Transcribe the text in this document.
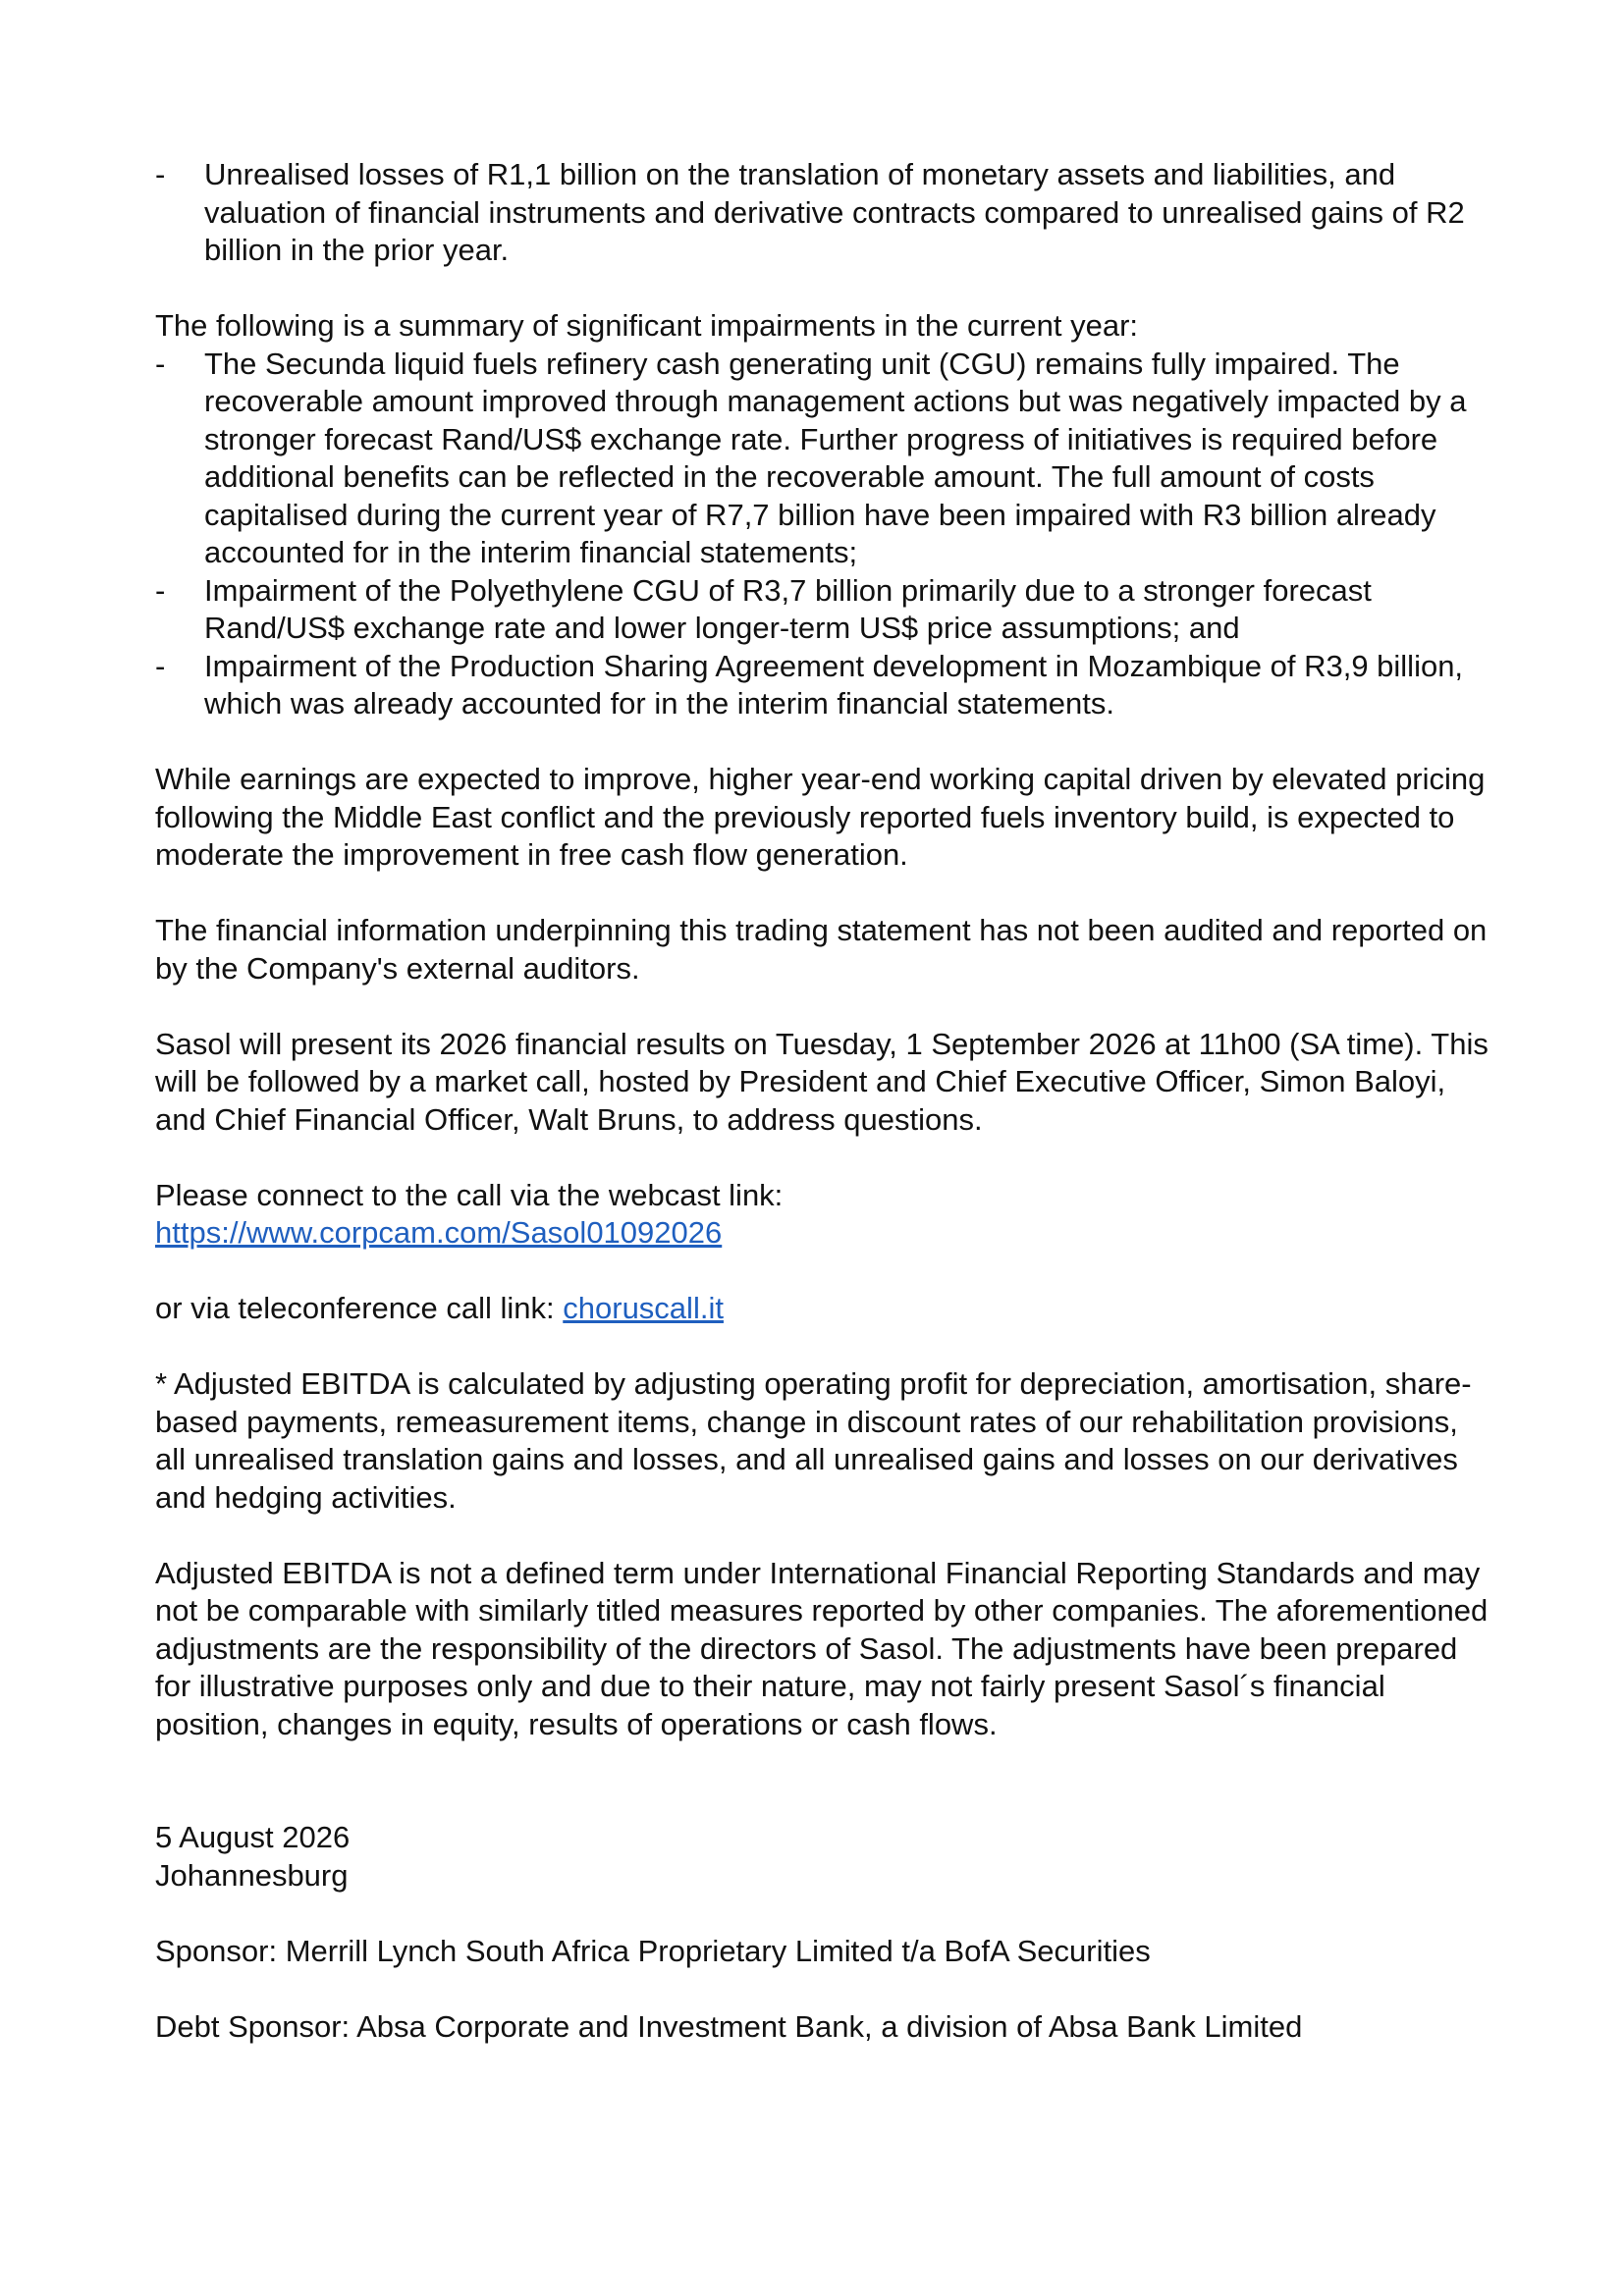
- Unrealised losses of R1,1 billion on the translation of monetary assets and liabilities, and valuation of financial instruments and derivative contracts compared to unrealised gains of R2 billion in the prior year.

The following is a summary of significant impairments in the current year:

- The Secunda liquid fuels refinery cash generating unit (CGU) remains fully impaired. The recoverable amount improved through management actions but was negatively impacted by a stronger forecast Rand/US$ exchange rate. Further progress of initiatives is required before additional benefits can be reflected in the recoverable amount. The full amount of costs capitalised during the current year of R7,7 billion have been impaired with R3 billion already accounted for in the interim financial statements;
- Impairment of the Polyethylene CGU of R3,7 billion primarily due to a stronger forecast Rand/US$ exchange rate and lower longer-term US$ price assumptions; and
- Impairment of the Production Sharing Agreement development in Mozambique of R3,9 billion, which was already accounted for in the interim financial statements.

While earnings are expected to improve, higher year-end working capital driven by elevated pricing following the Middle East conflict and the previously reported fuels inventory build, is expected to moderate the improvement in free cash flow generation.

The financial information underpinning this trading statement has not been audited and reported on by the Company's external auditors.

Sasol will present its 2026 financial results on Tuesday, 1 September 2026 at 11h00 (SA time). This will be followed by a market call, hosted by President and Chief Executive Officer, Simon Baloyi, and Chief Financial Officer, Walt Bruns, to address questions.

Please connect to the call via the webcast link:

https://www.corpcam.com/Sasol01092026

or via teleconference call link: choruscall.it

* Adjusted EBITDA is calculated by adjusting operating profit for depreciation, amortisation, share-based payments, remeasurement items, change in discount rates of our rehabilitation provisions, all unrealised translation gains and losses, and all unrealised gains and losses on our derivatives and hedging activities.

Adjusted EBITDA is not a defined term under International Financial Reporting Standards and may not be comparable with similarly titled measures reported by other companies. The aforementioned adjustments are the responsibility of the directors of Sasol. The adjustments have been prepared for illustrative purposes only and due to their nature, may not fairly present Sasol´s financial position, changes in equity, results of operations or cash flows.

5 August 2026

Johannesburg

Sponsor: Merrill Lynch South Africa Proprietary Limited t/a BofA Securities

Debt Sponsor: Absa Corporate and Investment Bank, a division of Absa Bank Limited
